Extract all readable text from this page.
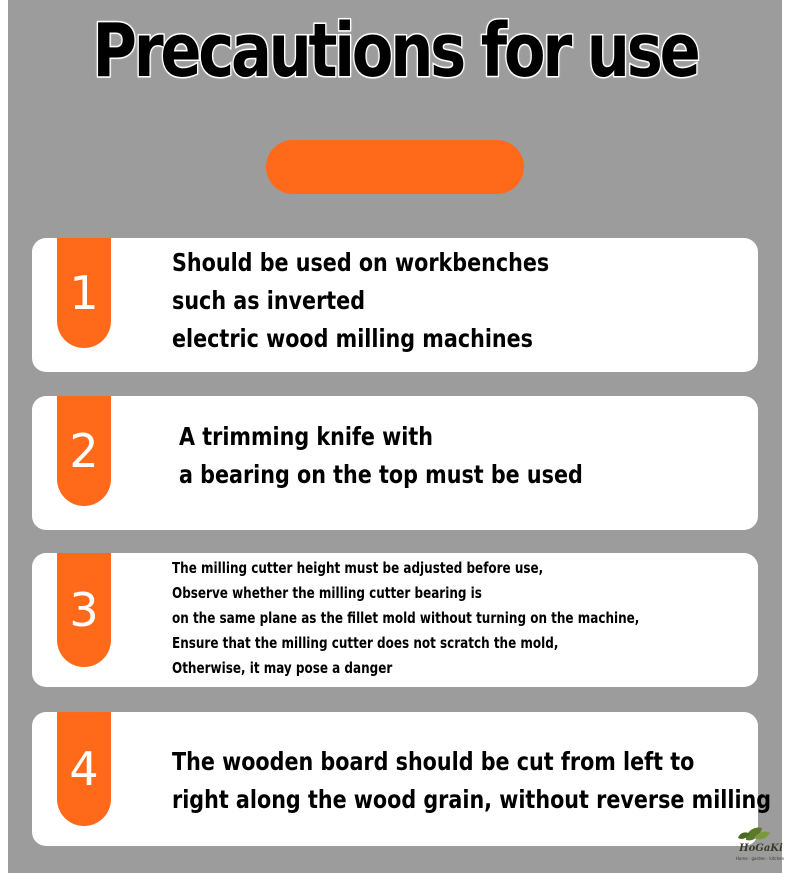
Precautions for use
1
Should be used on workbenches
such as inverted
electric wood milling machines
2	A trimming knife with
a bearing on the top must be used
3
The milling cutter height must be adjusted before use,
Observe whether the milling cutter bearing is
on the same plane as the fillet mold without turning on the machine,
Ensure that the milling cutter does not scratch the mold,
Otherwise, it may pose a danger
4	The wooden board should be cut from left to
right along the wood grain, without reverse milling
HoGaKi
Home · garden · kitchen
